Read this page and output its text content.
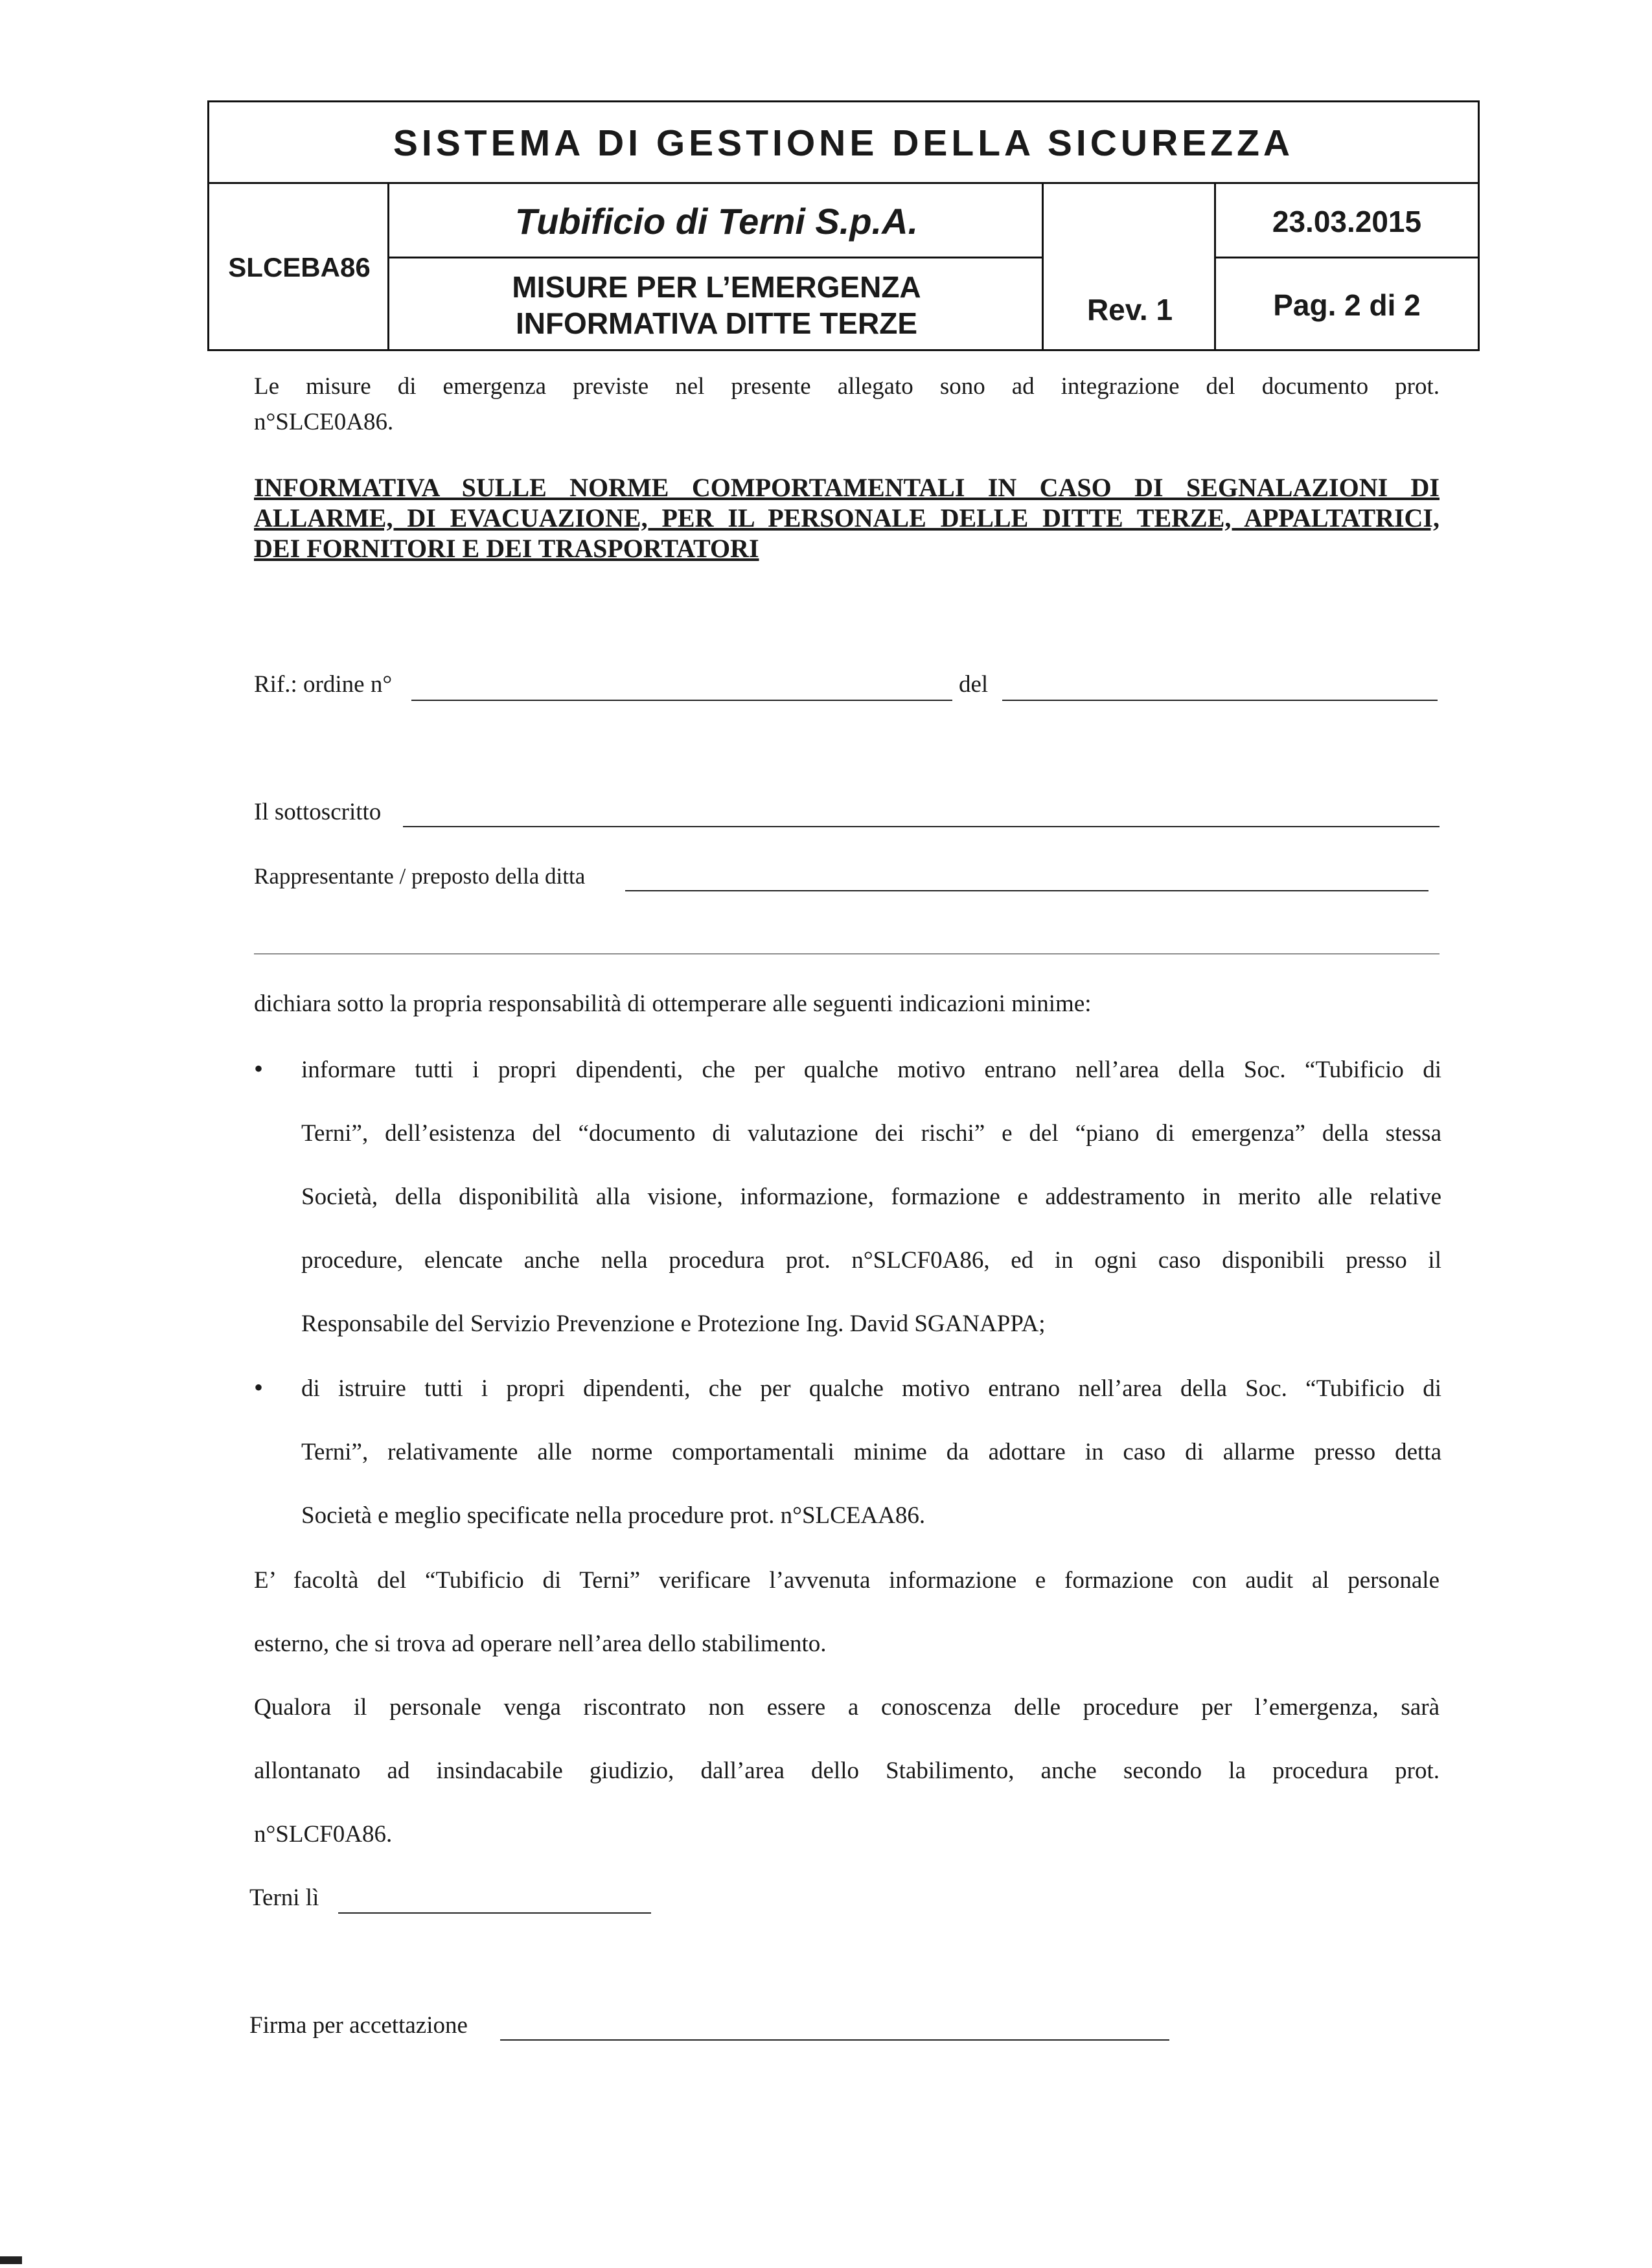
SISTEMA DI GESTIONE DELLA SICUREZZA
SLCEBA86
Tubificio di Terni S.p.A.
MISURE PER L’EMERGENZA
INFORMATIVA DITTE TERZE	Rev. 1
23.03.2015
Pag. 2 di 2
Le misure di emergenza previste nel presente allegato sono ad integrazione del documento prot.
n°SLCE0A86.
INFORMATIVA SULLE NORME COMPORTAMENTALI IN CASO DI SEGNALAZIONI DI
ALLARME, DI EVACUAZIONE, PER IL PERSONALE DELLE DITTE TERZE, APPALTATRICI,
DEI FORNITORI E DEI TRASPORTATORI
Rif.: ordine n°	del
Il sottoscritto
Rappresentante / preposto della ditta
dichiara sotto la propria responsabilità di ottemperare alle seguenti indicazioni minime:
• informare tutti i propri dipendenti, che per qualche motivo entrano nell’area della Soc. “Tubificio di
Terni”, dell’esistenza del “documento di valutazione dei rischi” e del “piano di emergenza” della stessa
Società, della disponibilità alla visione, informazione, formazione e addestramento in merito alle relative
procedure, elencate anche nella procedura prot. n°SLCF0A86, ed in ogni caso disponibili presso il
Responsabile del Servizio Prevenzione e Protezione Ing. David SGANAPPA;
• di istruire tutti i propri dipendenti, che per qualche motivo entrano nell’area della Soc. “Tubificio di
Terni”, relativamente alle norme comportamentali minime da adottare in caso di allarme presso detta
Società e meglio specificate nella procedure prot. n°SLCEAA86.
E’ facoltà del “Tubificio di Terni” verificare l’avvenuta informazione e formazione con audit al personale
esterno, che si trova ad operare nell’area dello stabilimento.
Qualora il personale venga riscontrato non essere a conoscenza delle procedure per l’emergenza, sarà
allontanato ad insindacabile giudizio, dall’area dello Stabilimento, anche secondo la procedura prot.
n°SLCF0A86.
Terni lì
Firma per accettazione
